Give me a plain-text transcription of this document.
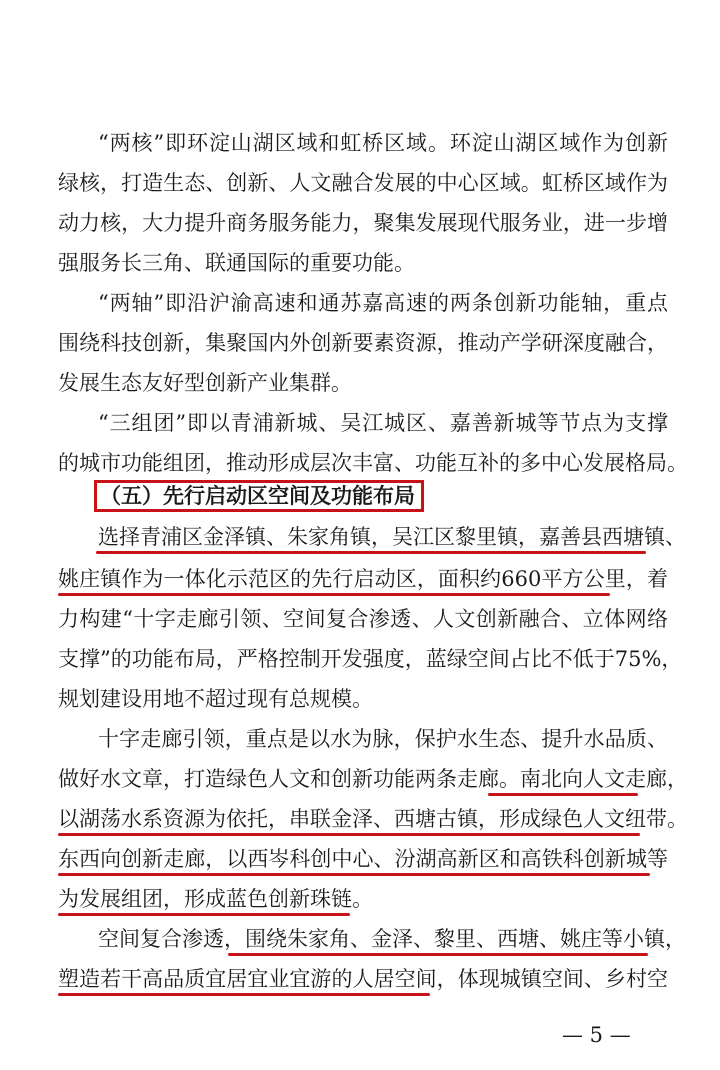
“两核”即环淀山湖区域和虹桥区域。环淀山湖区域作为创新
绿核，打造生态、创新、人文融合发展的中心区域。虹桥区域作为
动力核，大力提升商务服务能力，聚集发展现代服务业，进一步增
强服务长三角、联通国际的重要功能。
“两轴”即沿沪渝高速和通苏嘉高速的两条创新功能轴，重点
围绕科技创新，集聚国内外创新要素资源，推动产学研深度融合，
发展生态友好型创新产业集群。
“三组团”即以青浦新城、吴江城区、嘉善新城等节点为支撑
的城市功能组团，推动形成层次丰富、功能互补的多中心发展格局。
（五）先行启动区空间及功能布局
选择青浦区金泽镇、朱家角镇，吴江区黎里镇，嘉善县西塘镇、
姚庄镇作为一体化示范区的先行启动区，面积约660平方公里，着
力构建“十字走廊引领、空间复合渗透、人文创新融合、立体网络
支撑”的功能布局，严格控制开发强度，蓝绿空间占比不低于75%，
规划建设用地不超过现有总规模。
十字走廊引领，重点是以水为脉，保护水生态、提升水品质、
做好水文章，打造绿色人文和创新功能两条走廊。南北向人文走廊，
以湖荡水系资源为依托，串联金泽、西塘古镇，形成绿色人文纽带。
东西向创新走廊，以西岑科创中心、汾湖高新区和高铁科创新城等
为发展组团，形成蓝色创新珠链。
空间复合渗透，围绕朱家角、金泽、黎里、西塘、姚庄等小镇，
塑造若干高品质宜居宜业宜游的人居空间，体现城镇空间、乡村空
— 5 —
